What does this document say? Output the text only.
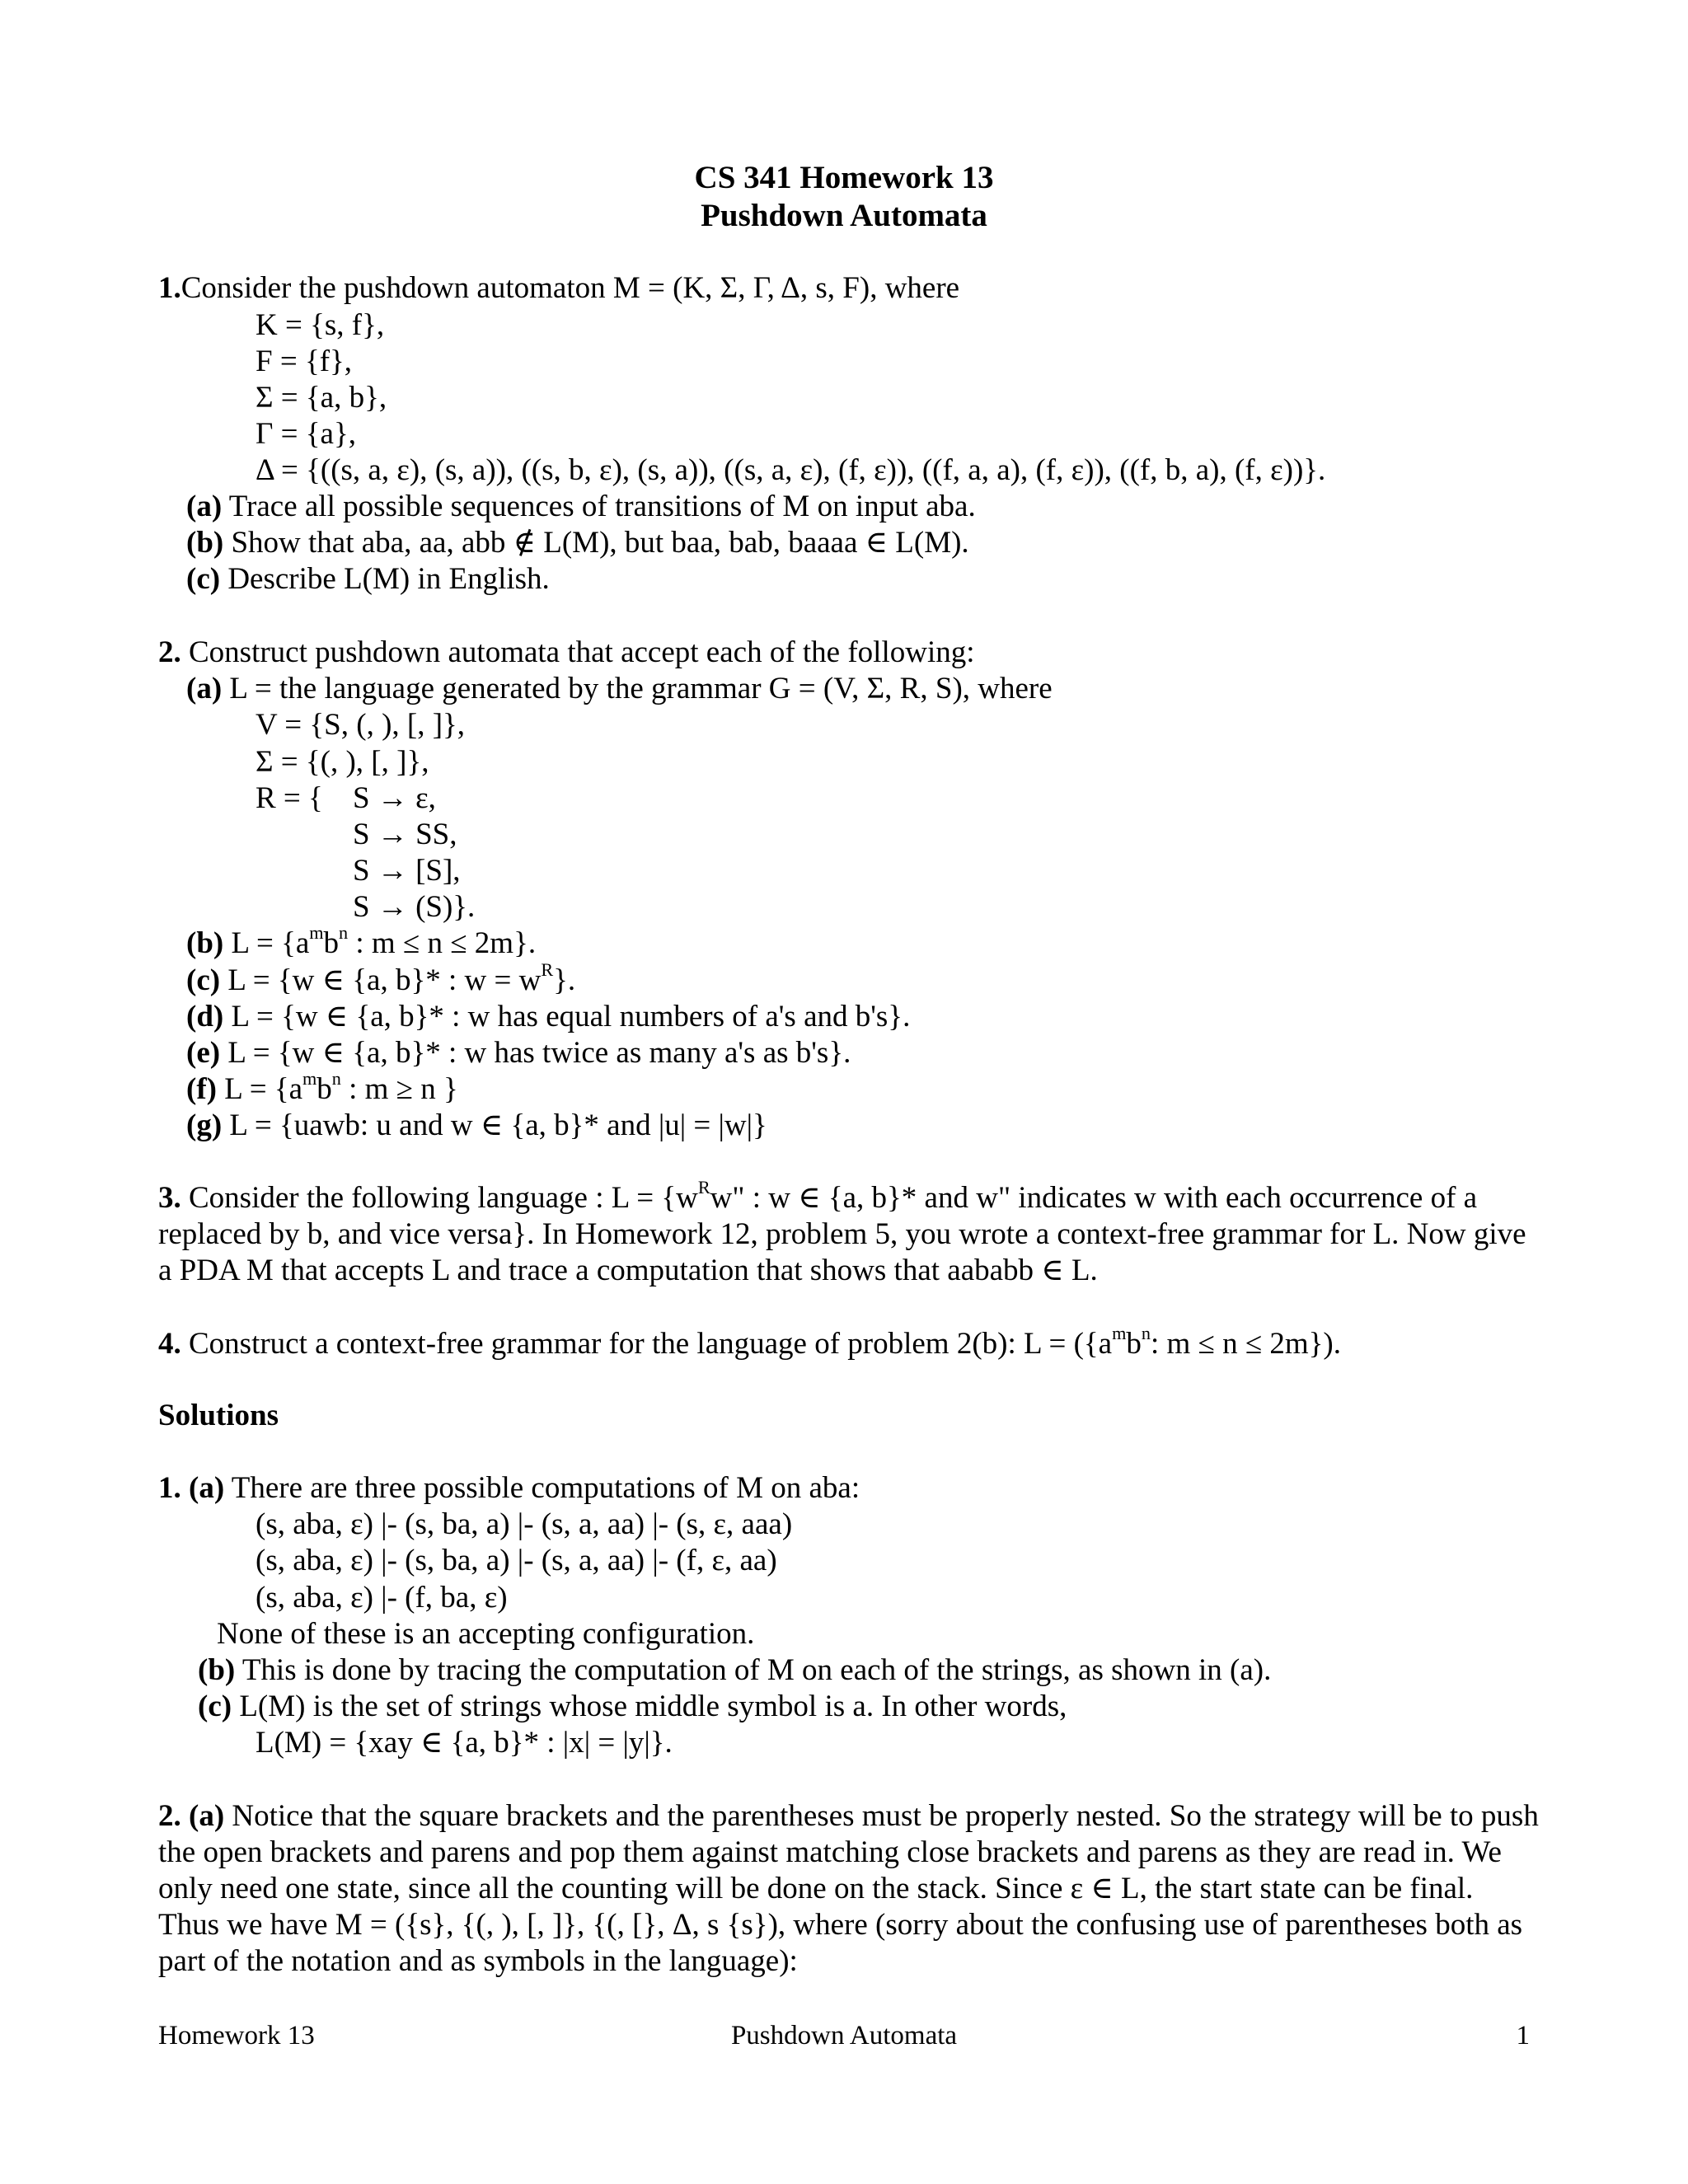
CS 341 Homework 13
Pushdown Automata
1.Consider the pushdown automaton M = (K, Σ, Γ, Δ, s, F), where
K = {s, f},
F = {f},
Σ = {a, b},
Γ = {a},
Δ = {((s, a, ε), (s, a)), ((s, b, ε), (s, a)), ((s, a, ε), (f, ε)), ((f, a, a), (f, ε)), ((f, b, a), (f, ε))}.
(a) Trace all possible sequences of transitions of M on input aba.
(b) Show that aba, aa, abb ∉ L(M), but baa, bab, baaaa ∈ L(M).
(c) Describe L(M) in English.
2. Construct pushdown automata that accept each of the following:
(a) L = the language generated by the grammar G = (V, Σ, R, S), where
V = {S, (, ), [, ]},
Σ = {(, ), [, ]},
R = { S → ε,
S → SS,
S → [S],
S → (S)}.
(b) $L = \{a^mb^n$ : m ≤ n ≤ 2m}.
(c) L = {w ∈ {a, b}* : $w = w^R$}.
(d) L = {w ∈ {a, b}* : w has equal numbers of a's and b's}.
(e) L = {w ∈ {a, b}* : w has twice as many a's as b's}.
(f) $L = \{a^mb^n$ : m ≥ n }
(g) L = {uawb: u and w ∈ {a, b}* and |u| = |w|}
3. Consider the following language : $L = \{w^Rw$" : w ∈ {a, b}* and w" indicates w with each occurrence of a
replaced by b, and vice versa}. In Homework 12, problem 5, you wrote a context-free grammar for L. Now give
a PDA M that accepts L and trace a computation that shows that aababb ∈ L.
4. Construct a context-free grammar for the language of problem 2(b): $L = (\{a^mb^n$: m ≤ n ≤ 2m}).
Solutions
1. (a) There are three possible computations of M on aba:
(s, aba, ε) |- (s, ba, a) |- (s, a, aa) |- (s, ε, aaa)
(s, aba, ε) |- (s, ba, a) |- (s, a, aa) |- (f, ε, aa)
(s, aba, ε) |- (f, ba, ε)
None of these is an accepting configuration.
(b) This is done by tracing the computation of M on each of the strings, as shown in (a).
(c) L(M) is the set of strings whose middle symbol is a. In other words,
L(M) = {xay ∈ {a, b}* : |x| = |y|}.
2. (a) Notice that the square brackets and the parentheses must be properly nested. So the strategy will be to push
the open brackets and parens and pop them against matching close brackets and parens as they are read in. We
only need one state, since all the counting will be done on the stack. Since ε ∈ L, the start state can be final.
Thus we have M = ({s}, {(, ), [, ]}, {(, [}, Δ, s {s}), where (sorry about the confusing use of parentheses both as
part of the notation and as symbols in the language):
Homework 13	Pushdown Automata	1
